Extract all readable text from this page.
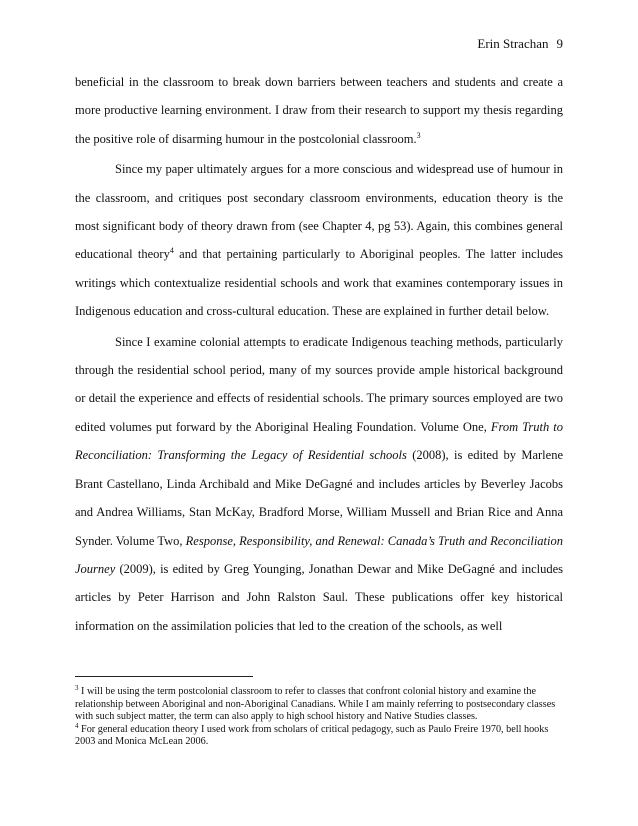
Erin Strachan 9

beneficial in the classroom to break down barriers between teachers and students and create a more productive learning environment. I draw from their research to support my thesis regarding the positive role of disarming humour in the postcolonial classroom.$^3$

Since my paper ultimately argues for a more conscious and widespread use of humour in the classroom, and critiques post secondary classroom environments, education theory is the most significant body of theory drawn from (see Chapter 4, pg 53). Again, this combines general educational theory$^4$ and that pertaining particularly to Aboriginal peoples. The latter includes writings which contextualize residential schools and work that examines contemporary issues in Indigenous education and cross-cultural education. These are explained in further detail below.

Since I examine colonial attempts to eradicate Indigenous teaching methods, particularly through the residential school period, many of my sources provide ample historical background or detail the experience and effects of residential schools. The primary sources employed are two edited volumes put forward by the Aboriginal Healing Foundation. Volume One, From Truth to Reconciliation: Transforming the Legacy of Residential schools (2008), is edited by Marlene Brant Castellano, Linda Archibald and Mike DeGagné and includes articles by Beverley Jacobs and Andrea Williams, Stan McKay, Bradford Morse, William Mussell and Brian Rice and Anna Synder. Volume Two, Response, Responsibility, and Renewal: Canada’s Truth and Reconciliation Journey (2009), is edited by Greg Younging, Jonathan Dewar and Mike DeGagné and includes articles by Peter Harrison and John Ralston Saul. These publications offer key historical information on the assimilation policies that led to the creation of the schools, as well

$^3$ I will be using the term postcolonial classroom to refer to classes that confront colonial history and examine the relationship between Aboriginal and non-Aboriginal Canadians. While I am mainly referring to postsecondary classes with such subject matter, the term can also apply to high school history and Native Studies classes.

$^4$ For general education theory I used work from scholars of critical pedagogy, such as Paulo Freire 1970, bell hooks 2003 and Monica McLean 2006.
